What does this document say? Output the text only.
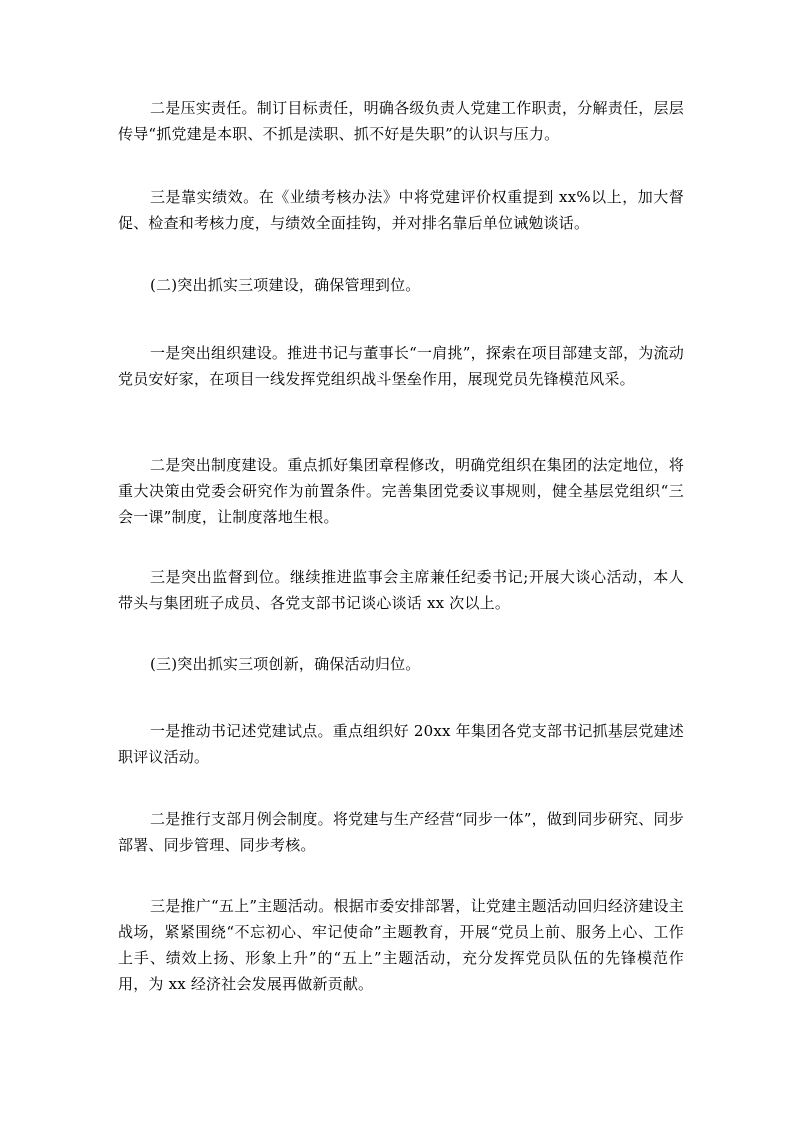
二是压实责任。制订目标责任，明确各级负责人党建工作职责，分解责任，层层传导“抓党建是本职、不抓是渎职、抓不好是失职”的认识与压力。

三是靠实绩效。在《业绩考核办法》中将党建评价权重提到 xx%以上，加大督促、检查和考核力度，与绩效全面挂钩，并对排名靠后单位诫勉谈话。

(二)突出抓实三项建设，确保管理到位。

一是突出组织建设。推进书记与董事长“一肩挑”，探索在项目部建支部，为流动党员安好家，在项目一线发挥党组织战斗堡垒作用，展现党员先锋模范风采。

二是突出制度建设。重点抓好集团章程修改，明确党组织在集团的法定地位，将重大决策由党委会研究作为前置条件。完善集团党委议事规则，健全基层党组织“三会一课”制度，让制度落地生根。

三是突出监督到位。继续推进监事会主席兼任纪委书记;开展大谈心活动，本人带头与集团班子成员、各党支部书记谈心谈话 xx 次以上。

(三)突出抓实三项创新，确保活动归位。

一是推动书记述党建试点。重点组织好 20xx 年集团各党支部书记抓基层党建述职评议活动。

二是推行支部月例会制度。将党建与生产经营“同步一体”，做到同步研究、同步部署、同步管理、同步考核。

三是推广“五上”主题活动。根据市委安排部署，让党建主题活动回归经济建设主战场，紧紧围绕“不忘初心、牢记使命”主题教育，开展“党员上前、服务上心、工作上手、绩效上扬、形象上升”的“五上”主题活动，充分发挥党员队伍的先锋模范作用，为 xx 经济社会发展再做新贡献。
